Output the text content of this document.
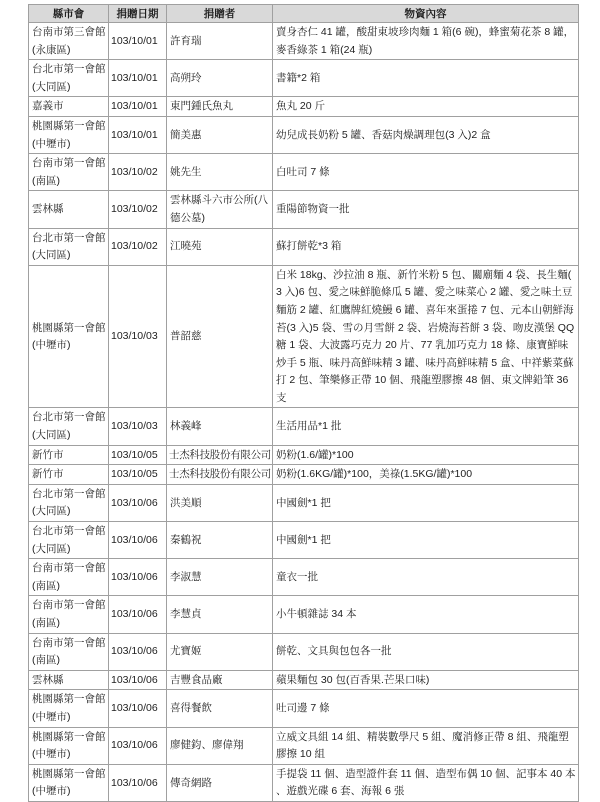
縣市會	捐贈日期	捐贈者	物資內容

台南市第三會館
(永康區)	103/10/01	許育瑞	賣身杏仁 41 罐，酸甜東坡珍肉麵 1 箱(6 碗)，蜂蜜菊花茶 8 罐，麥香綠茶 1 箱(24 瓶)

台北市第一會館
(大同區)	103/10/01	高朔玲	書籍*2 箱

嘉義市	103/10/01	東門鍾氏魚丸	魚丸 20 斤

桃園縣第一會館
(中壢市)	103/10/01	簡美惠	幼兒成長奶粉 5 罐、香菇肉燥調理包(3 入)2 盒

台南市第一會館
(南區)	103/10/02	姚先生	白吐司 7 條

雲林縣	103/10/02	雲林縣斗六市公所(八德公墓)	重陽節物資一批

台北市第一會館
(大同區)	103/10/02	江曉苑	蘇打餅乾*3 箱

桃園縣第一會館
(中壢市)	103/10/03	普韶慈	白米 18kg、沙拉油 8 瓶、新竹米粉 5 包、關廟麵 4 袋、長生麵(3 入)6 包、愛之味鮮脆條瓜 5 罐、愛之味菜心 2 罐、愛之味土豆麵筋 2 罐、紅鷹牌紅燒鰻 6 罐、喜年來蛋捲 7 包、元本山朝鮮海苔(3 入)5 袋、雪の月雪餅 2 袋、岩燒海苔餅 3 袋、吻皮漢堡 QQ 糖 1 袋、大波露巧克力 20 片、77 乳加巧克力 18 條、康寶鮮味炒手 5 瓶、味丹高鮮味精 3 罐、味丹高鮮味精 5 盒、中祥紫菜蘇打 2 包、筆樂修正帶 10 個、飛龍塑膠擦 48 個、東文牌鉛筆 36 支

台北市第一會館
(大同區)	103/10/03	林義峰	生活用品*1 批

新竹市	103/10/05	士杰科技股份有限公司	奶粉(1.6/罐)*100

新竹市	103/10/05	士杰科技股份有限公司	奶粉(1.6KG/罐)*100，美祿(1.5KG/罐)*100

台北市第一會館
(大同區)	103/10/06	洪美順	中國劍*1 把

台北市第一會館
(大同區)	103/10/06	秦鶴祝	中國劍*1 把

台南市第一會館
(南區)	103/10/06	李淑慧	童衣一批

台南市第一會館
(南區)	103/10/06	李慧貞	小牛頓雜誌 34 本

台南市第一會館
(南區)	103/10/06	尤寶姬	餅乾、文具與包包各一批

雲林縣	103/10/06	吉豐食品廠	蘋果麵包 30 包(百香果.芒果口味)

桃園縣第一會館
(中壢市)	103/10/06	喜得餐飲	吐司邊 7 條

桃園縣第一會館
(中壢市)	103/10/06	廖健鈞、廖偉翔	立威文具組 14 組、精裝數學尺 5 組、魔消修正帶 8 組、飛龍塑膠擦 10 組

桃園縣第一會館
(中壢市)	103/10/06	傳奇網路	手提袋 11 個、造型證件套 11 個、造型布偶 10 個、記事本 40 本、遊戲光碟 6 套、海報 6 張
